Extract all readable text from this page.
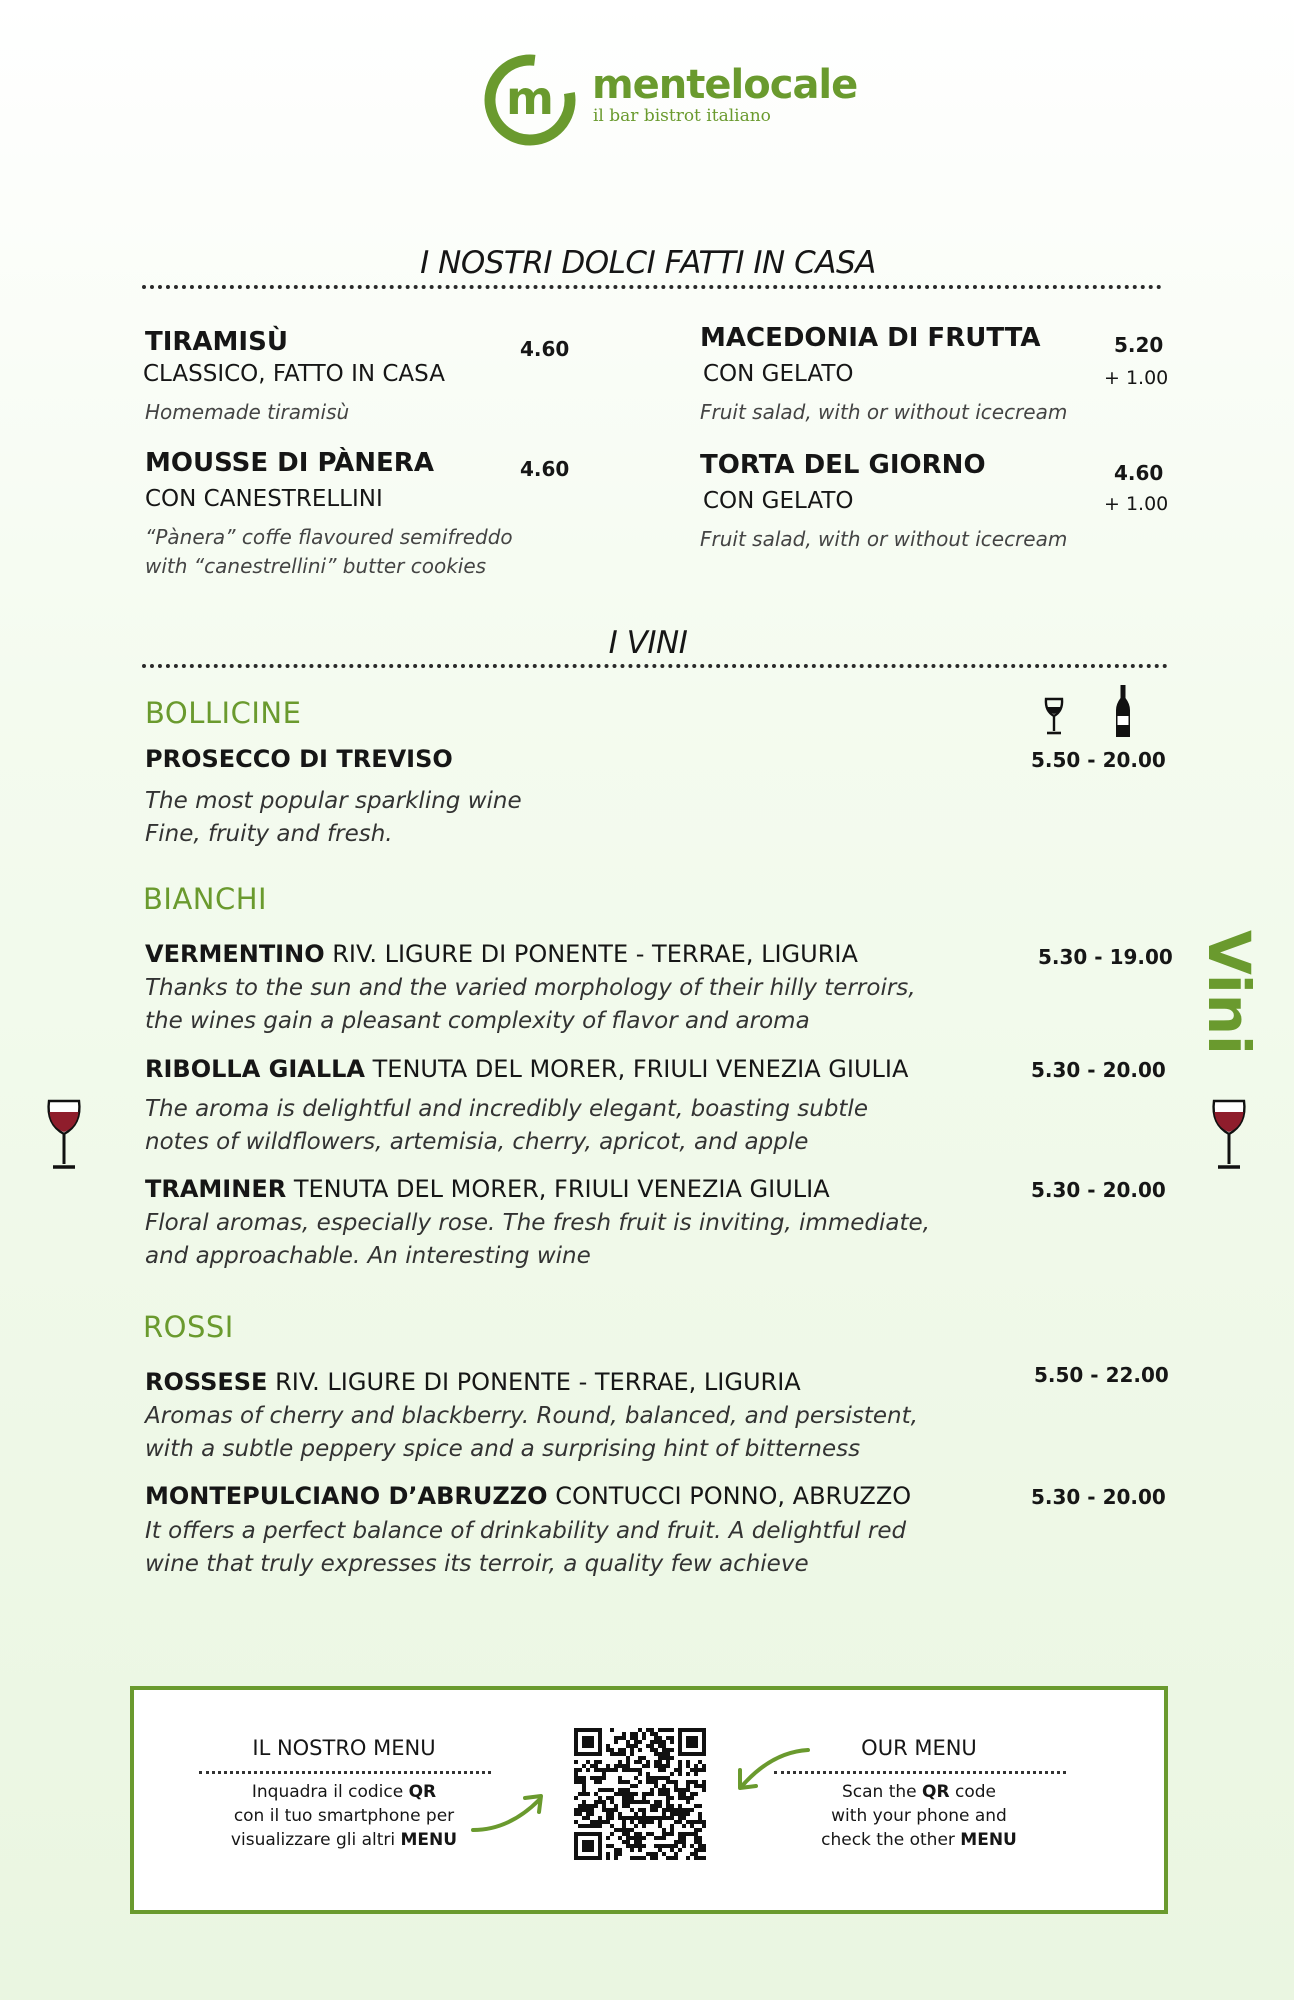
m mentelocale
il bar bistrot italiano
I NOSTRI DOLCI FATTI IN CASA
TIRAMISÙ	4.60
CLASSICO, FATTO IN CASA
Homemade tiramisù
MOUSSE DI PÀNERA	4.60
CON CANESTRELLINI
“Pànera” coffe flavoured semifreddo
with “canestrellini” butter cookies
MACEDONIA DI FRUTTA	5.20
CON GELATO	+ 1.00
Fruit salad, with or without icecream
TORTA DEL GIORNO	4.60
CON GELATO	+ 1.00
Fruit salad, with or without icecream
I VINI
BOLLICINE
PROSECCO DI TREVISO	5.50 - 20.00
The most popular sparkling wine
Fine, fruity and fresh.
BIANCHI
VERMENTINO RIV. LIGURE DI PONENTE - TERRAE, LIGURIA	5.30 - 19.00
Thanks to the sun and the varied morphology of their hilly terroirs,
the wines gain a pleasant complexity of flavor and aroma
RIBOLLA GIALLA TENUTA DEL MORER, FRIULI VENEZIA GIULIA	5.30 - 20.00
The aroma is delightful and incredibly elegant, boasting subtle
notes of wildflowers, artemisia, cherry, apricot, and apple
TRAMINER TENUTA DEL MORER, FRIULI VENEZIA GIULIA	5.30 - 20.00
Floral aromas, especially rose. The fresh fruit is inviting, immediate,
and approachable. An interesting wine
ROSSI
ROSSESE RIV. LIGURE DI PONENTE - TERRAE, LIGURIA	5.50 - 22.00
Aromas of cherry and blackberry. Round, balanced, and persistent,
with a subtle peppery spice and a surprising hint of bitterness
MONTEPULCIANO D’ABRUZZO CONTUCCI PONNO, ABRUZZO	5.30 - 20.00
It offers a perfect balance of drinkability and fruit. A delightful red
wine that truly expresses its terroir, a quality few achieve
Vini
IL NOSTRO MENU
Inquadra il codice QR
con il tuo smartphone per
visualizzare gli altri MENU
OUR MENU
Scan the QR code
with your phone and
check the other MENU
